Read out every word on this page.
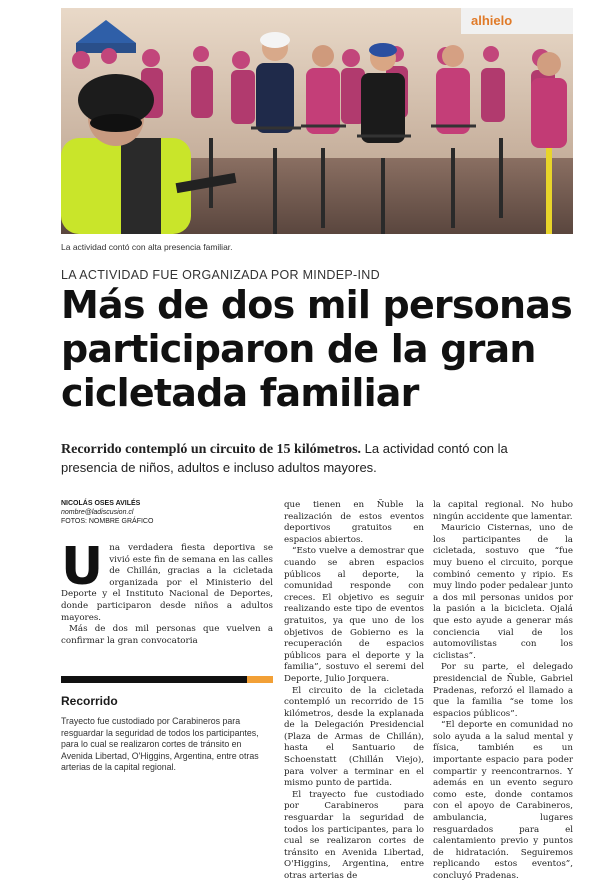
alhielo
La actividad contó con alta presencia familiar.
LA ACTIVIDAD FUE ORGANIZADA POR MINDEP-IND
Más de dos mil personas participaron de la gran cicletada familiar

Recorrido contempló un circuito de 15 kilómetros. La actividad contó con la presencia de niños, adultos e incluso adultos mayores.

NICOLÁS OSES AVILÉS
nombre@ladiscusion.cl
FOTOS: NOMBRE GRÁFICO
U na verdadera fiesta deportiva se vivió este fin de semana en las calles de Chillán, gracias a la cicletada organizada por el Ministerio del Deporte y el Instituto Nacional de Deportes, donde participaron desde niños a adultos mayores.

Más de dos mil personas que vuelven a confirmar la gran convocatoria

Recorrido

Trayecto fue custodiado por Carabineros para resguardar la seguridad de todos los participantes, para lo cual se realizaron cortes de tránsito en Avenida Libertad, O'Higgins, Argentina, entre otras arterias de la capital regional.

que tienen en Ñuble la realización de estos eventos deportivos gratuitos en espacios abiertos.

“Esto vuelve a demostrar que cuando se abren espacios públicos al deporte, la comunidad responde con creces. El objetivo es seguir realizando este tipo de eventos gratuitos, ya que uno de los objetivos de Gobierno es la recuperación de espacios públicos para el deporte y la familia”, sostuvo el seremi del Deporte, Julio Jorquera.

El circuito de la cicletada contempló un recorrido de 15 kilómetros, desde la explanada de la Delegación Presidencial (Plaza de Armas de Chillán), hasta el Santuario de Schoenstatt (Chillán Viejo), para volver a terminar en el mismo punto de partida.

El trayecto fue custodiado por Carabineros para resguardar la seguridad de todos los participantes, para lo cual se realizaron cortes de tránsito en Avenida Libertad, O'Higgins, Argentina, entre otras arterias de

la capital regional. No hubo ningún accidente que lamentar.

Mauricio Cisternas, uno de los participantes de la cicletada, sostuvo que “fue muy bueno el circuito, porque combinó cemento y ripio. Es muy lindo poder pedalear junto a dos mil personas unidos por la pasión a la bicicleta. Ojalá que esto ayude a generar más conciencia vial de los automovilistas con los ciclistas”.

Por su parte, el delegado presidencial de Ñuble, Gabriel Pradenas, reforzó el llamado a que la familia “se tome los espacios públicos”.

“El deporte en comunidad no solo ayuda a la salud mental y física, también es un importante espacio para poder compartir y reencontrarnos. Y además en un evento seguro como este, donde contamos con el apoyo de Carabineros, ambulancia, lugares resguardados para el calentamiento previo y puntos de hidratación. Seguiremos replicando estos eventos”, concluyó Pradenas.
